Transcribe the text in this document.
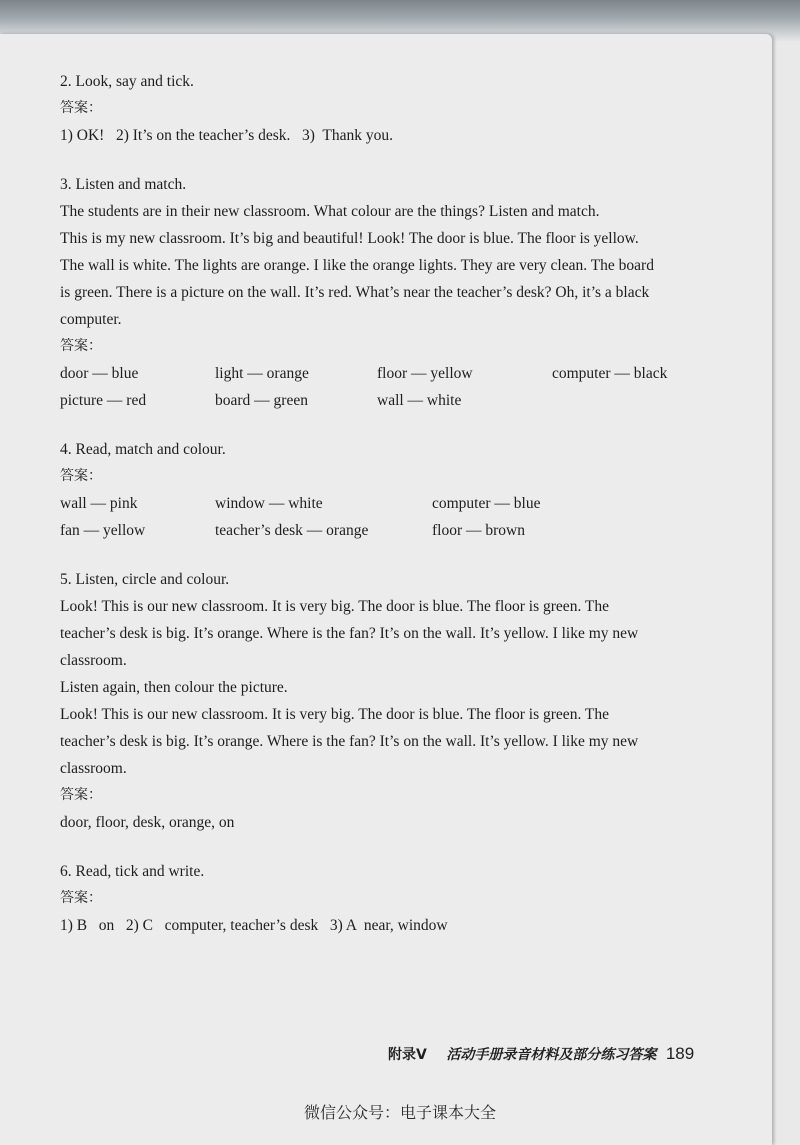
2. Look, say and tick.

答案：

1) OK!   2) It’s on the teacher’s desk.   3)  Thank you.

3. Listen and match.

The students are in their new classroom. What colour are the things? Listen and match.

This is my new classroom. It’s big and beautiful! Look! The door is blue. The floor is yellow.

The wall is white. The lights are orange. I like the orange lights. They are very clean. The board

is green. There is a picture on the wall. It’s red. What’s near the teacher’s desk? Oh, it’s a black

computer.

答案：

door — blue	light — orange	floor — yellow	computer — black
picture — red	board — green	wall — white

4. Read, match and colour.

答案：

wall — pink	window — white	computer — blue
fan — yellow	teacher’s desk — orange	floor — brown

5. Listen, circle and colour.

Look! This is our new classroom. It is very big. The door is blue. The floor is green. The

teacher’s desk is big. It’s orange. Where is the fan? It’s on the wall. It’s yellow. I like my new

classroom.

Listen again, then colour the picture.

Look! This is our new classroom. It is very big. The door is blue. The floor is green. The

teacher’s desk is big. It’s orange. Where is the fan? It’s on the wall. It’s yellow. I like my new

classroom.

答案：

door, floor, desk, orange, on

6. Read, tick and write.

答案：

1) B   on   2) C   computer, teacher’s desk   3) A  near, window

附录V 活动手册录音材料及部分练习答案 189
微信公众号：电子课本大全
